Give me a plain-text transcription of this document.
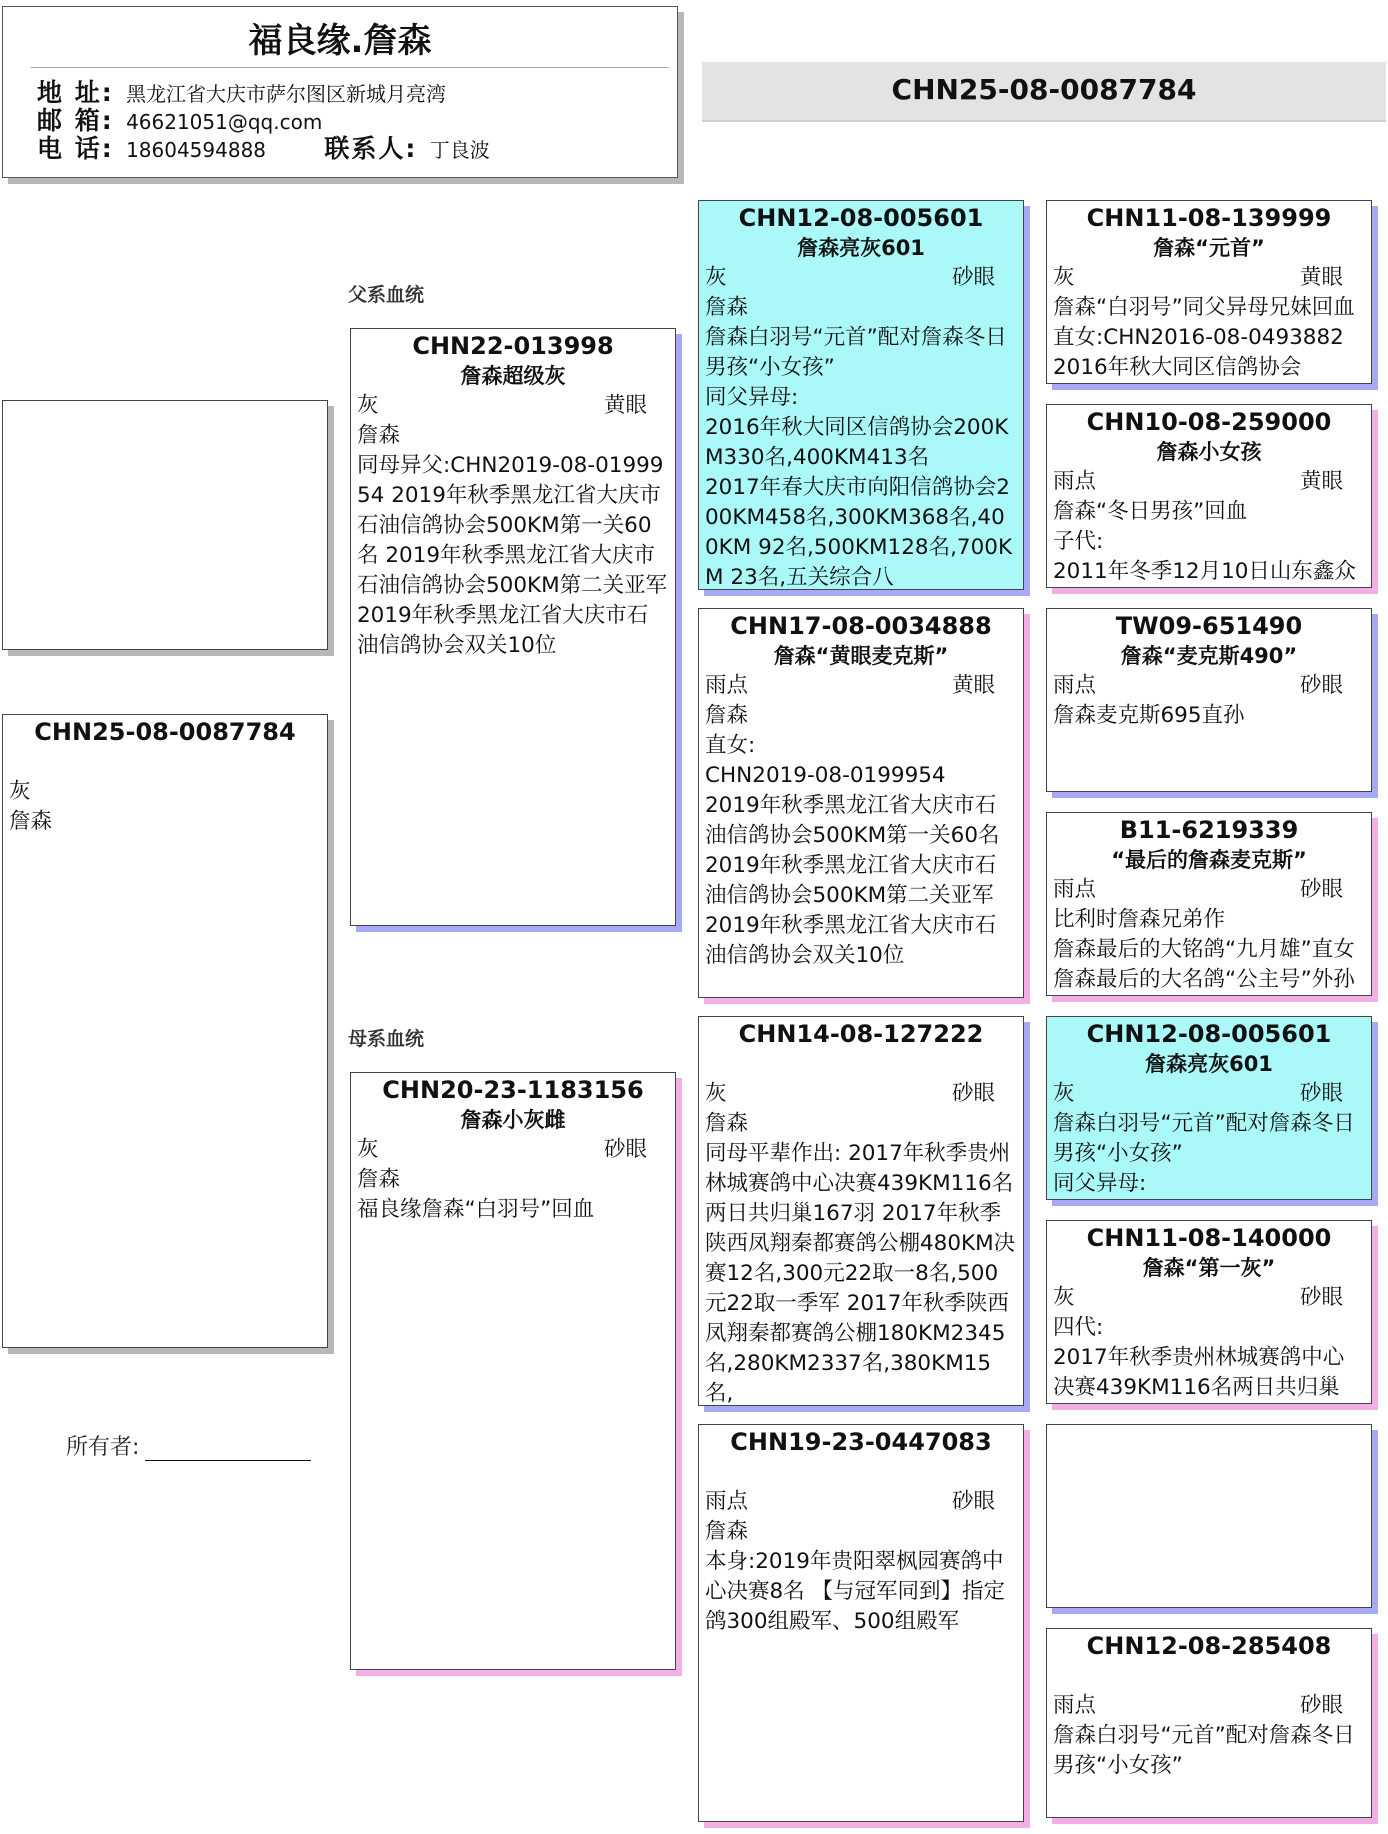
福良缘.詹森
地 址: 黑龙江省大庆市萨尔图区新城月亮湾
邮 箱: 46621051@qq.com
电 话: 18604594888 联系人: 丁良波
CHN25-08-0087784
CHN25-08-0087784
灰
詹森
所有者:
父系血统
母系血统
CHN22-013998
詹森超级灰
灰	黄眼
詹森
同母异父:CHN2019-08-0199954 2019年秋季黑龙江省大庆市石油信鸽协会500KM第一关60名 2019年秋季黑龙江省大庆市石油信鸽协会500KM第二关亚军 2019年秋季黑龙江省大庆市石油信鸽协会双关10位
CHN20-23-1183156
詹森小灰雌
灰	砂眼
詹森
福良缘詹森“白羽号”回血
CHN12-08-005601
詹森亮灰601
灰	砂眼
詹森
詹森白羽号“元首”配对詹森冬日男孩“小女孩”
同父异母:
2016年秋大同区信鸽协会200KM330名,400KM413名
2017年春大庆市向阳信鸽协会200KM458名,300KM368名,400KM 92名,500KM128名,700KM 23名,五关综合八
CHN17-08-0034888
詹森“黄眼麦克斯”
雨点	黄眼
詹森
直女:
CHN2019-08-0199954
2019年秋季黑龙江省大庆市石油信鸽协会500KM第一关60名
2019年秋季黑龙江省大庆市石油信鸽协会500KM第二关亚军
2019年秋季黑龙江省大庆市石油信鸽协会双关10位
CHN14-08-127222
灰	砂眼
詹森
同母平辈作出: 2017年秋季贵州林城赛鸽中心决赛439KM116名两日共归巢167羽 2017年秋季陕西凤翔秦都赛鸽公棚480KM决赛12名,300元22取一8名,500元22取一季军 2017年秋季陕西凤翔秦都赛鸽公棚180KM2345名,280KM2337名,380KM15名,
CHN19-23-0447083
雨点	砂眼
詹森
本身:2019年贵阳翠枫园赛鸽中心决赛8名 【与冠军同到】指定鸽300组殿军、500组殿军
CHN11-08-139999
詹森“元首”
灰	黄眼
詹森“白羽号”同父异母兄妹回血
直女:CHN2016-08-0493882
2016年秋大同区信鸽协会
CHN10-08-259000
詹森小女孩
雨点	黄眼
詹森“冬日男孩”回血
子代:
2011年冬季12月10日山东鑫众
TW09-651490
詹森“麦克斯490”
雨点	砂眼
詹森麦克斯695直孙
B11-6219339
“最后的詹森麦克斯”
雨点	砂眼
比利时詹森兄弟作
詹森最后的大铭鸽“九月雄”直女
詹森最后的大名鸽“公主号”外孙
CHN12-08-005601
詹森亮灰601
灰	砂眼
詹森白羽号“元首”配对詹森冬日男孩“小女孩”
同父异母:
CHN11-08-140000
詹森“第一灰”
灰	砂眼
四代:
2017年秋季贵州林城赛鸽中心决赛439KM116名两日共归巢
CHN12-08-285408
雨点	砂眼
詹森白羽号“元首”配对詹森冬日男孩“小女孩”
